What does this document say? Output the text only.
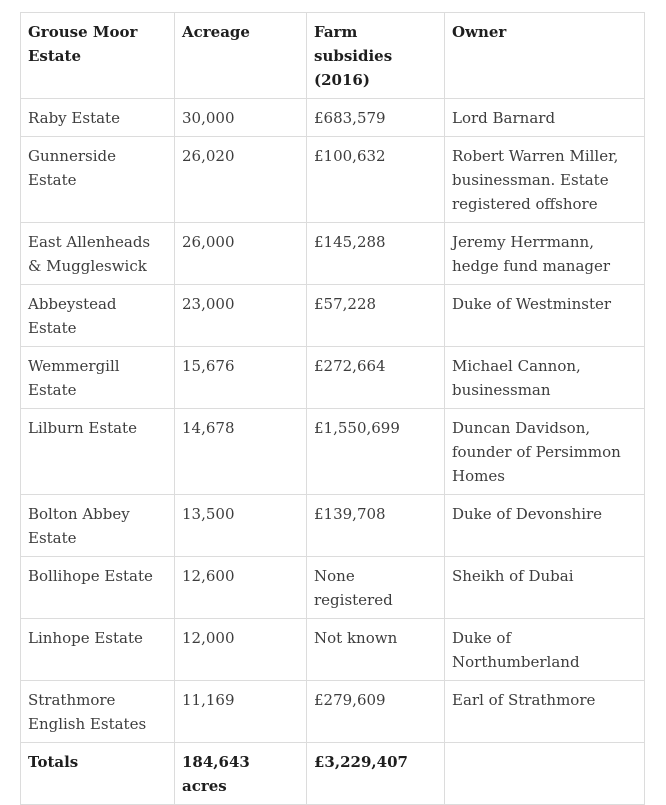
Grouse Moor Estate	Acreage	Farm subsidies (2016)	Owner
Raby Estate	30,000	£683,579	Lord Barnard
Gunnerside Estate	26,020	£100,632	Robert Warren Miller, businessman. Estate registered offshore
East Allenheads & Muggleswick	26,000	£145,288	Jeremy Herrmann, hedge fund manager
Abbeystead Estate	23,000	£57,228	Duke of Westminster
Wemmergill Estate	15,676	£272,664	Michael Cannon, businessman
Lilburn Estate	14,678	£1,550,699	Duncan Davidson, founder of Persimmon Homes
Bolton Abbey Estate	13,500	£139,708	Duke of Devonshire
Bollihope Estate	12,600	None registered	Sheikh of Dubai
Linhope Estate	12,000	Not known	Duke of Northumberland
Strathmore English Estates	11,169	£279,609	Earl of Strathmore
Totals	184,643 acres	£3,229,407	
